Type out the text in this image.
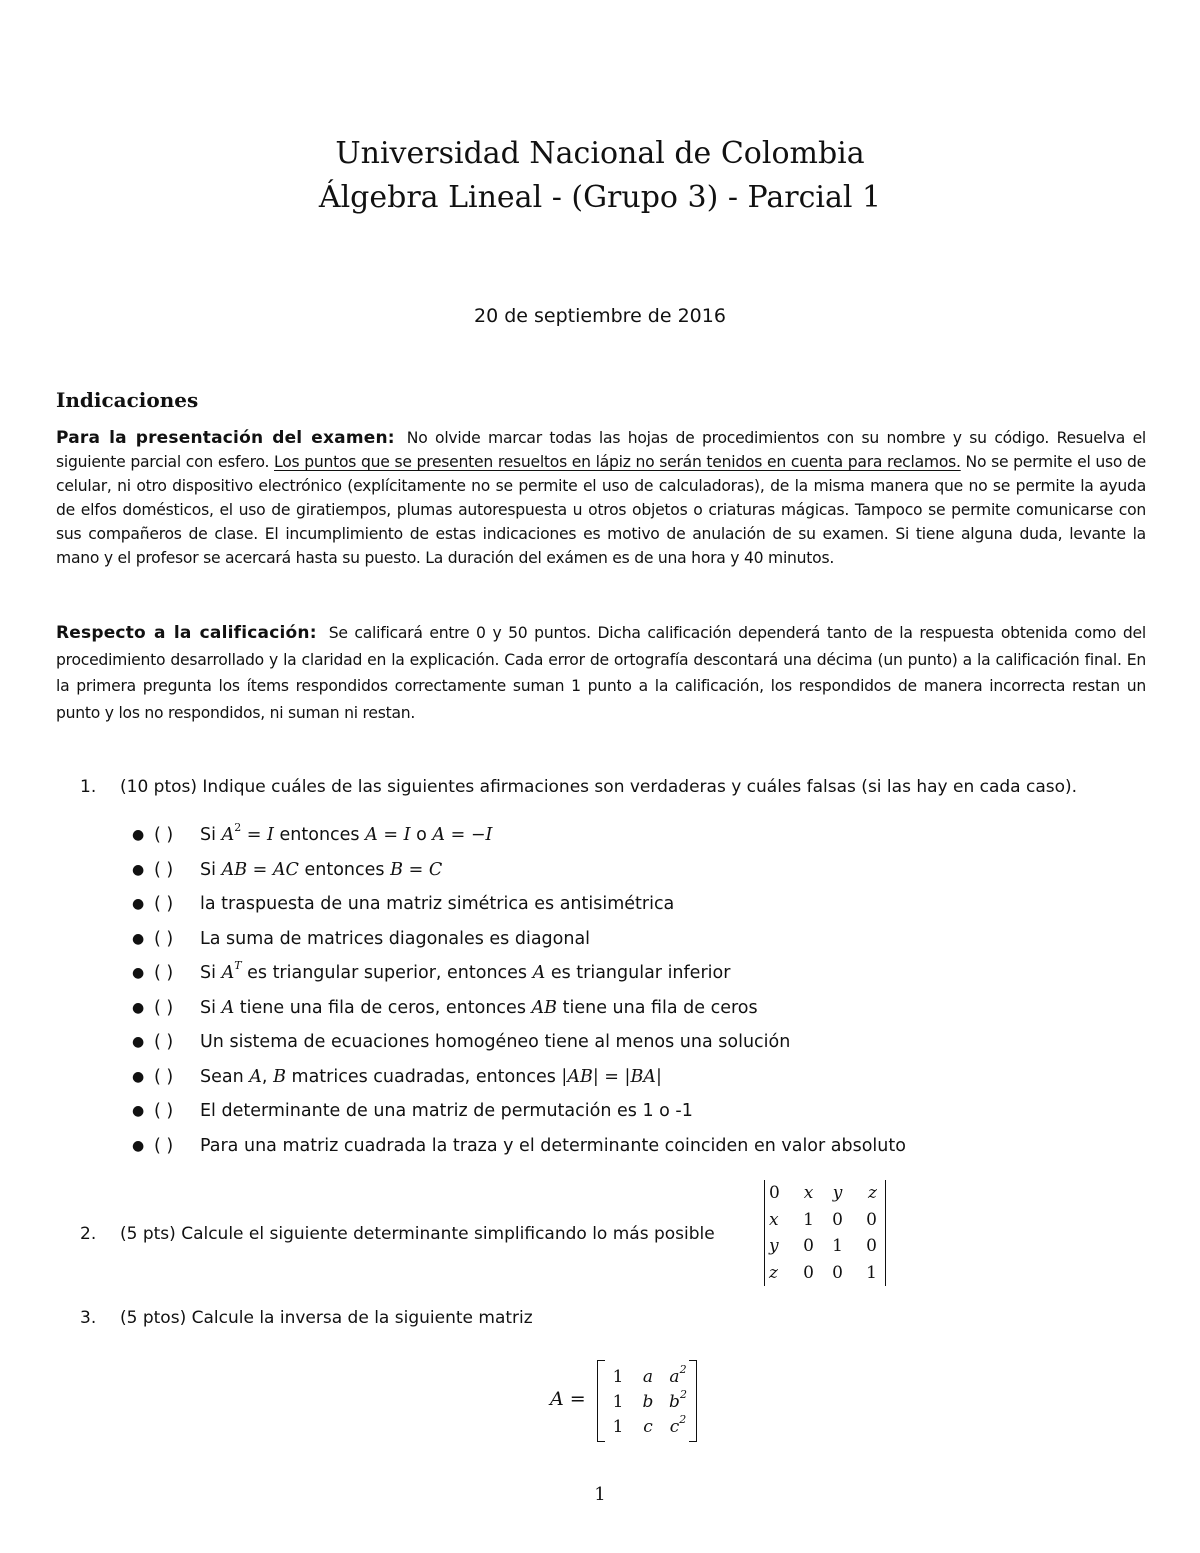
Universidad Nacional de Colombia
Álgebra Lineal - (Grupo 3) - Parcial 1
20 de septiembre de 2016
Indicaciones
Para la presentación del examen: No olvide marcar todas las hojas de procedimientos con su nombre y su código. Resuelva el siguiente parcial con esfero. Los puntos que se presenten resueltos en lápiz no serán tenidos en cuenta para reclamos. No se permite el uso de celular, ni otro dispositivo electrónico (explícitamente no se permite el uso de calculadoras), de la misma manera que no se permite la ayuda de elfos domésticos, el uso de giratiempos, plumas autorespuesta u otros objetos o criaturas mágicas. Tampoco se permite comunicarse con sus compañeros de clase. El incumplimiento de estas indicaciones es motivo de anulación de su examen. Si tiene alguna duda, levante la mano y el profesor se acercará hasta su puesto. La duración del exámen es de una hora y 40 minutos.
Respecto a la calificación: Se calificará entre 0 y 50 puntos. Dicha calificación dependerá tanto de la respuesta obtenida como del procedimiento desarrollado y la claridad en la explicación. Cada error de ortografía descontará una décima (un punto) a la calificación final. En la primera pregunta los ítems respondidos correctamente suman 1 punto a la calificación, los respondidos de manera incorrecta restan un punto y los no respondidos, ni suman ni restan.
1. (10 ptos) Indique cuáles de las siguientes afirmaciones son verdaderas y cuáles falsas (si las hay en cada caso).
● ( ) Si $A^2 = I$ entonces A = I o A = −I
● ( ) Si AB = AC entonces B = C
● ( ) la traspuesta de una matriz simétrica es antisimétrica
● ( ) La suma de matrices diagonales es diagonal
● ( ) Si $A^T$ es triangular superior, entonces A es triangular inferior
● ( ) Si A tiene una fila de ceros, entonces AB tiene una fila de ceros
● ( ) Un sistema de ecuaciones homogéneo tiene al menos una solución
● ( ) Sean A, B matrices cuadradas, entonces |AB| = |BA|
● ( ) El determinante de una matriz de permutación es 1 o -1
● ( ) Para una matriz cuadrada la traza y el determinante coinciden en valor absoluto
2. (5 pts) Calcule el siguiente determinante simplificando lo más posible
0	x	y	z
x	1	0	0
y	0	1	0
z	0	0	1
3. (5 ptos) Calcule la inversa de la siguiente matriz
A =
1	a	$a^2$
1	b	$b^2$
1	c	$c^2$
1
